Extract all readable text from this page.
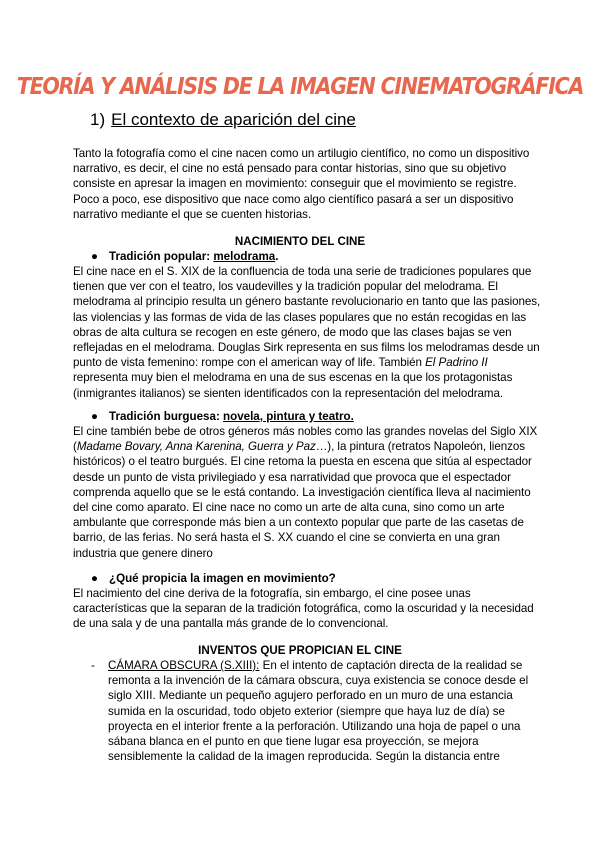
TEORÍA Y ANÁLISIS DE LA IMAGEN CINEMATOGRÁFICA
1) El contexto de aparición del cine

Tanto la fotografía como el cine nacen como un artilugio científico, no como un dispositivo
narrativo, es decir, el cine no está pensado para contar historias, sino que su objetivo
consiste en apresar la imagen en movimiento: conseguir que el movimiento se registre.
Poco a poco, ese dispositivo que nace como algo científico pasará a ser un dispositivo
narrativo mediante el que se cuenten historias.

NACIMIENTO DEL CINE
● Tradición popular: melodrama.

El cine nace en el S. XIX de la confluencia de toda una serie de tradiciones populares que
tienen que ver con el teatro, los vaudevilles y la tradición popular del melodrama. El
melodrama al principio resulta un género bastante revolucionario en tanto que las pasiones,
las violencias y las formas de vida de las clases populares que no están recogidas en las
obras de alta cultura se recogen en este género, de modo que las clases bajas se ven
reflejadas en el melodrama. Douglas Sirk representa en sus films los melodramas desde un
punto de vista femenino: rompe con el american way of life. También El Padrino II
representa muy bien el melodrama en una de sus escenas en la que los protagonistas
(inmigrantes italianos) se sienten identificados con la representación del melodrama.

● Tradición burguesa: novela, pintura y teatro.

El cine también bebe de otros géneros más nobles como las grandes novelas del Siglo XIX
(Madame Bovary, Anna Karenina, Guerra y Paz…), la pintura (retratos Napoleón, lienzos
históricos) o el teatro burgués. El cine retoma la puesta en escena que sitúa al espectador
desde un punto de vista privilegiado y esa narratividad que provoca que el espectador
comprenda aquello que se le está contando. La investigación científica lleva al nacimiento
del cine como aparato. El cine nace no como un arte de alta cuna, sino como un arte
ambulante que corresponde más bien a un contexto popular que parte de las casetas de
barrio, de las ferias. No será hasta el S. XX cuando el cine se convierta en una gran
industria que genere dinero

● ¿Qué propicia la imagen en movimiento?

El nacimiento del cine deriva de la fotografía, sin embargo, el cine posee unas
características que la separan de la tradición fotográfica, como la oscuridad y la necesidad
de una sala y de una pantalla más grande de lo convencional.

INVENTOS QUE PROPICIAN EL CINE
- CÁMARA OBSCURA (S.XIII): En el intento de captación directa de la realidad se
remonta a la invención de la cámara obscura, cuya existencia se conoce desde el
siglo XIII. Mediante un pequeño agujero perforado en un muro de una estancia
sumida en la oscuridad, todo objeto exterior (siempre que haya luz de día) se
proyecta en el interior frente a la perforación. Utilizando una hoja de papel o una
sábana blanca en el punto en que tiene lugar esa proyección, se mejora
sensiblemente la calidad de la imagen reproducida. Según la distancia entre
